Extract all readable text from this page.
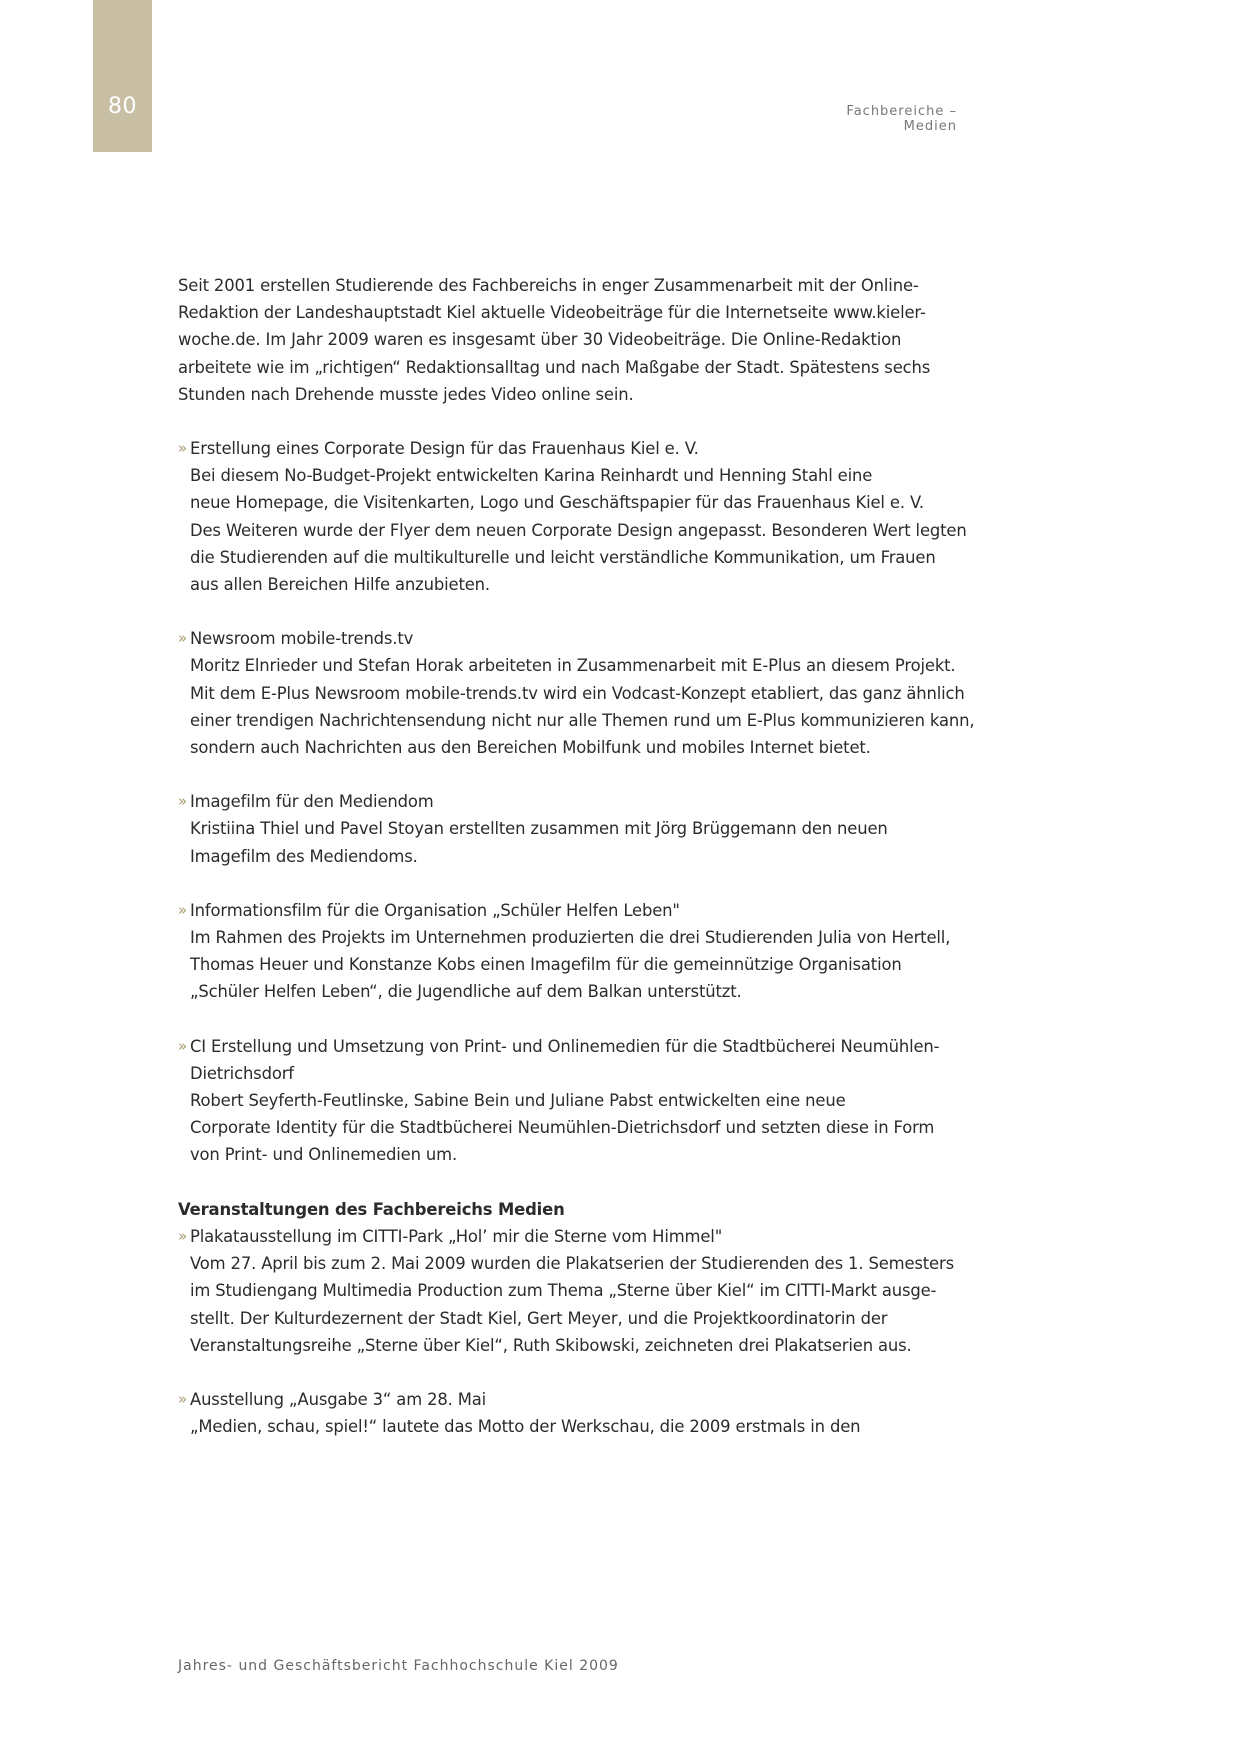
80	Fachbereiche – Medien

Seit 2001 erstellen Studierende des Fachbereichs in enger Zusammenarbeit mit der Online-

Redaktion der Landeshauptstadt Kiel aktuelle Videobeiträge für die Internetseite www.kieler-

woche.de. Im Jahr 2009 waren es insgesamt über 30 Videobeiträge. Die Online-Redaktion

arbeitete wie im „richtigen“ Redaktionsalltag und nach Maßgabe der Stadt. Spätestens sechs

Stunden nach Drehende musste jedes Video online sein.

» Erstellung eines Corporate Design für das Frauenhaus Kiel e. V.
Bei diesem No-Budget-Projekt entwickelten Karina Reinhardt und Henning Stahl eine
neue Homepage, die Visitenkarten, Logo und Geschäftspapier für das Frauenhaus Kiel e. V.
Des Weiteren wurde der Flyer dem neuen Corporate Design angepasst. Besonderen Wert legten
die Studierenden auf die multikulturelle und leicht verständliche Kommunikation, um Frauen
aus allen Bereichen Hilfe anzubieten.
» Newsroom mobile-trends.tv
Moritz Elnrieder und Stefan Horak arbeiteten in Zusammenarbeit mit E-Plus an diesem Projekt.
Mit dem E-Plus Newsroom mobile-trends.tv wird ein Vodcast-Konzept etabliert, das ganz ähnlich
einer trendigen Nachrichtensendung nicht nur alle Themen rund um E-Plus kommunizieren kann,
sondern auch Nachrichten aus den Bereichen Mobilfunk und mobiles Internet bietet.
» Imagefilm für den Mediendom
Kristiina Thiel und Pavel Stoyan erstellten zusammen mit Jörg Brüggemann den neuen
Imagefilm des Mediendoms.
» Informationsfilm für die Organisation „Schüler Helfen Leben"
Im Rahmen des Projekts im Unternehmen produzierten die drei Studierenden Julia von Hertell,
Thomas Heuer und Konstanze Kobs einen Imagefilm für die gemeinnützige Organisation
„Schüler Helfen Leben“, die Jugendliche auf dem Balkan unterstützt.
» CI Erstellung und Umsetzung von Print- und Onlinemedien für die Stadtbücherei Neumühlen-
Dietrichsdorf
Robert Seyferth-Feutlinske, Sabine Bein und Juliane Pabst entwickelten eine neue
Corporate Identity für die Stadtbücherei Neumühlen-Dietrichsdorf und setzten diese in Form
von Print- und Onlinemedien um.
Veranstaltungen des Fachbereichs Medien
» Plakatausstellung im CITTI-Park „Hol’ mir die Sterne vom Himmel"
Vom 27. April bis zum 2. Mai 2009 wurden die Plakatserien der Studierenden des 1. Semesters
im Studiengang Multimedia Production zum Thema „Sterne über Kiel“ im CITTI-Markt ausge-
stellt. Der Kulturdezernent der Stadt Kiel, Gert Meyer, und die Projektkoordinatorin der
Veranstaltungsreihe „Sterne über Kiel“, Ruth Skibowski, zeichneten drei Plakatserien aus.
» Ausstellung „Ausgabe 3“ am 28. Mai
„Medien, schau, spiel!“ lautete das Motto der Werkschau, die 2009 erstmals in den
Jahres- und Geschäftsbericht Fachhochschule Kiel 2009
